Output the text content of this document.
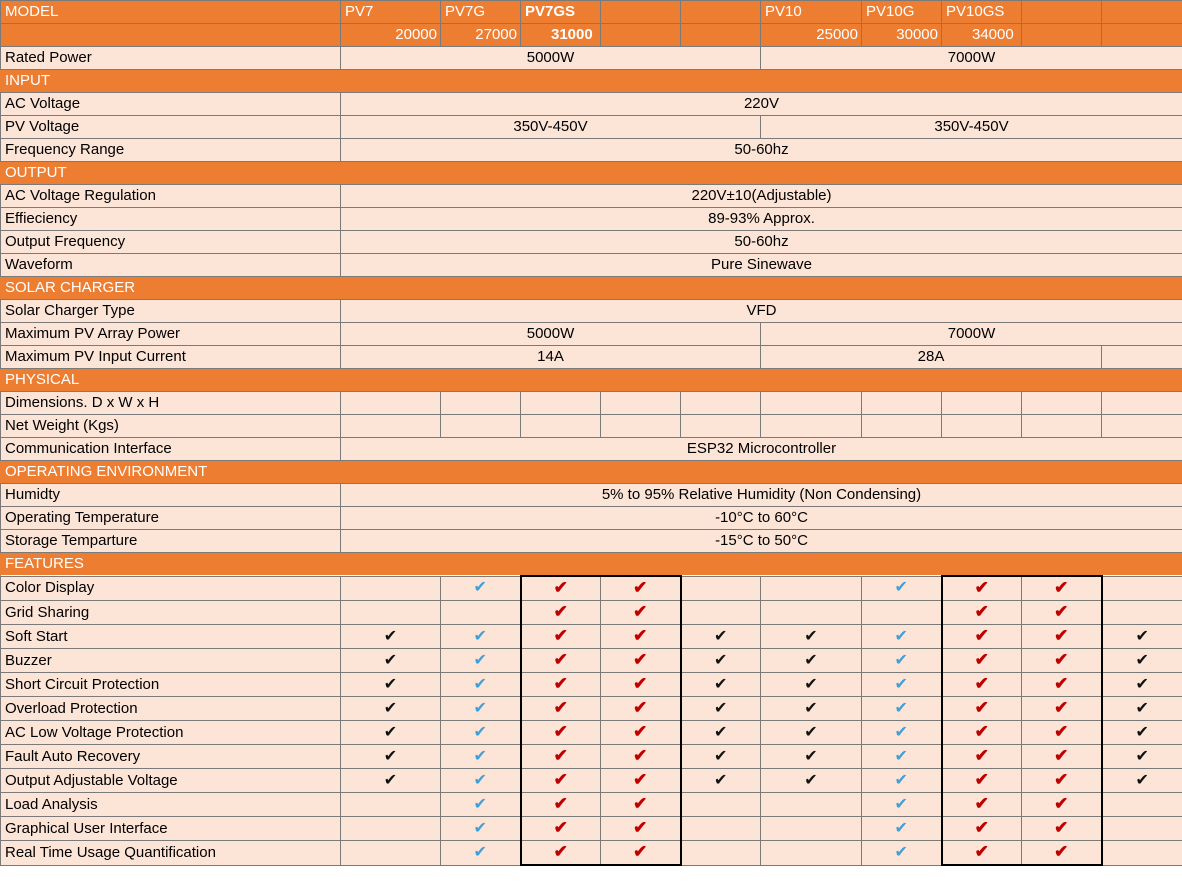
MODEL	PV7	PV7G	PV7GS			PV10	PV10G	PV10GS		
	20000	27000	31000			25000	30000	34000		
Rated Power	5000W					7000W				
INPUT										
AC Voltage	220V									
PV Voltage	350V-450V					350V-450V				
Frequency Range	50-60hz									
OUTPUT										
AC Voltage Regulation	220V±10(Adjustable)									
Effieciency	89-93% Approx.									
Output Frequency	50-60hz									
Waveform	Pure Sinewave									
SOLAR CHARGER										
Solar Charger Type	VFD									
Maximum PV Array Power	5000W					7000W				
Maximum PV Input Current	14A					28A				
PHYSICAL										
Dimensions. D x W x H										
Net Weight (Kgs)										
Communication Interface	ESP32 Microcontroller									
OPERATING ENVIRONMENT										
Humidty	5% to 95% Relative Humidity (Non Condensing)									
Operating Temperature	-10°C to 60°C									
Storage Temparture	-15°C to 50°C									
FEATURES										
Color Display		✔	✔	✔			✔	✔	✔	
Grid Sharing			✔	✔				✔	✔	
Soft Start	✔	✔	✔	✔	✔	✔	✔	✔	✔	✔
Buzzer	✔	✔	✔	✔	✔	✔	✔	✔	✔	✔
Short Circuit Protection	✔	✔	✔	✔	✔	✔	✔	✔	✔	✔
Overload Protection	✔	✔	✔	✔	✔	✔	✔	✔	✔	✔
AC Low Voltage Protection	✔	✔	✔	✔	✔	✔	✔	✔	✔	✔
Fault Auto Recovery	✔	✔	✔	✔	✔	✔	✔	✔	✔	✔
Output Adjustable Voltage	✔	✔	✔	✔	✔	✔	✔	✔	✔	✔
Load Analysis		✔	✔	✔			✔	✔	✔	
Graphical User Interface		✔	✔	✔			✔	✔	✔	
Real Time Usage Quantification		✔	✔	✔			✔	✔	✔	
